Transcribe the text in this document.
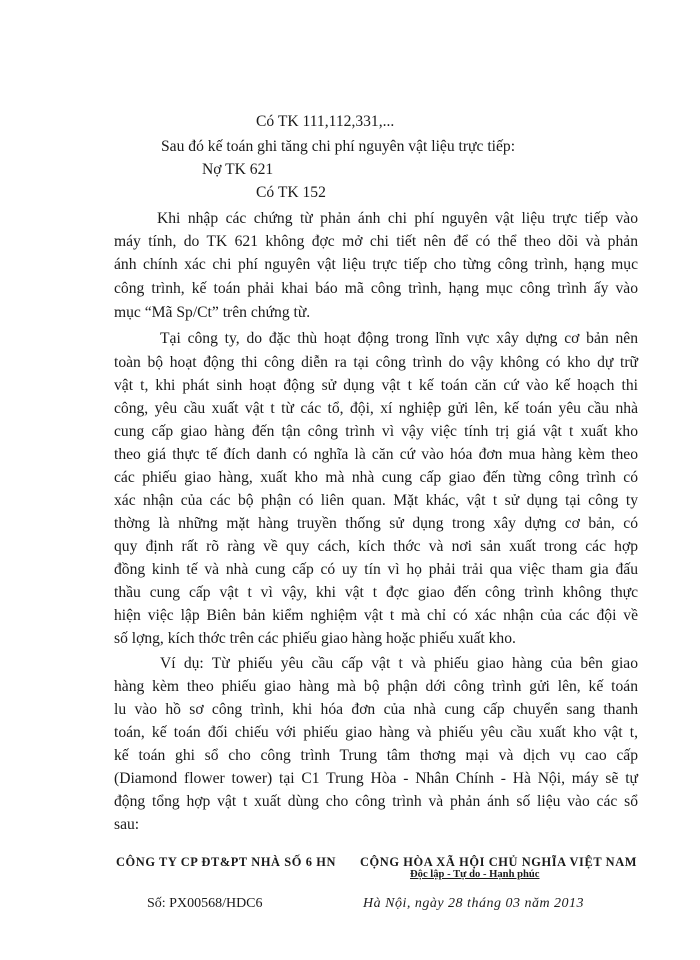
Có TK 111,112,331,...
Sau đó kế toán ghi tăng chi phí nguyên vật liệu trực tiếp:
Nợ TK 621
Có TK 152
Khi nhập các chứng từ phản ánh chi phí nguyên vật liệu trực tiếp vào
máy tính, do TK 621 không đợc mở chi tiết nên để có thể theo dõi và phản
ánh chính xác chi phí nguyên vật liệu trực tiếp cho từng công trình, hạng mục
công trình, kế toán phải khai báo mã công trình, hạng mục công trình ấy vào
mục “Mã Sp/Ct” trên chứng từ.
Tại công ty, do đặc thù hoạt động trong lĩnh vực xây dựng cơ bản nên
toàn bộ hoạt động thi công diễn ra tại công trình do vậy không có kho dự trữ
vật t, khi phát sinh hoạt động sử dụng vật t kế toán căn cứ vào kế hoạch thi
công, yêu cầu xuất vật t từ các tổ, đội, xí nghiệp gửi lên, kế toán yêu cầu nhà
cung cấp giao hàng đến tận công trình vì vậy việc tính trị giá vật t xuất kho
theo giá thực tế đích danh có nghĩa là căn cứ vào hóa đơn mua hàng kèm theo
các phiếu giao hàng, xuất kho mà nhà cung cấp giao đến từng công trình có
xác nhận của các bộ phận có liên quan. Mặt khác, vật t sử dụng tại công ty
thờng là những mặt hàng truyền thống sử dụng trong xây dựng cơ bản, có
quy định rất rõ ràng về quy cách, kích thớc và nơi sản xuất trong các hợp
đồng kinh tế và nhà cung cấp có uy tín vì họ phải trải qua việc tham gia đấu
thầu cung cấp vật t vì vậy, khi vật t đợc giao đến công trình không thực
hiện việc lập Biên bản kiểm nghiệm vật t mà chỉ có xác nhận của các đội về
số lợng, kích thớc trên các phiếu giao hàng hoặc phiếu xuất kho.
Ví dụ: Từ phiếu yêu cầu cấp vật t và phiếu giao hàng của bên giao
hàng kèm theo phiếu giao hàng mà bộ phận dới công trình gửi lên, kế toán
lu vào hồ sơ công trình, khi hóa đơn của nhà cung cấp chuyển sang thanh
toán, kế toán đối chiếu với phiếu giao hàng và phiếu yêu cầu xuất kho vật t,
kế toán ghi sổ cho công trình Trung tâm thơng mại và dịch vụ cao cấp
(Diamond flower tower) tại C1 Trung Hòa - Nhân Chính - Hà Nội, máy sẽ tự
động tổng hợp vật t xuất dùng cho công trình và phản ánh số liệu vào các sổ
sau:
CÔNG TY CP ĐT&PT NHÀ SỐ 6 HN CỘNG HÒA XÃ HỘI CHỦ NGHĨA VIỆT NAM
Độc lập - Tự do - Hạnh phúc
Số: PX00568/HDC6	Hà Nội, ngày 28 tháng 03 năm 2013
